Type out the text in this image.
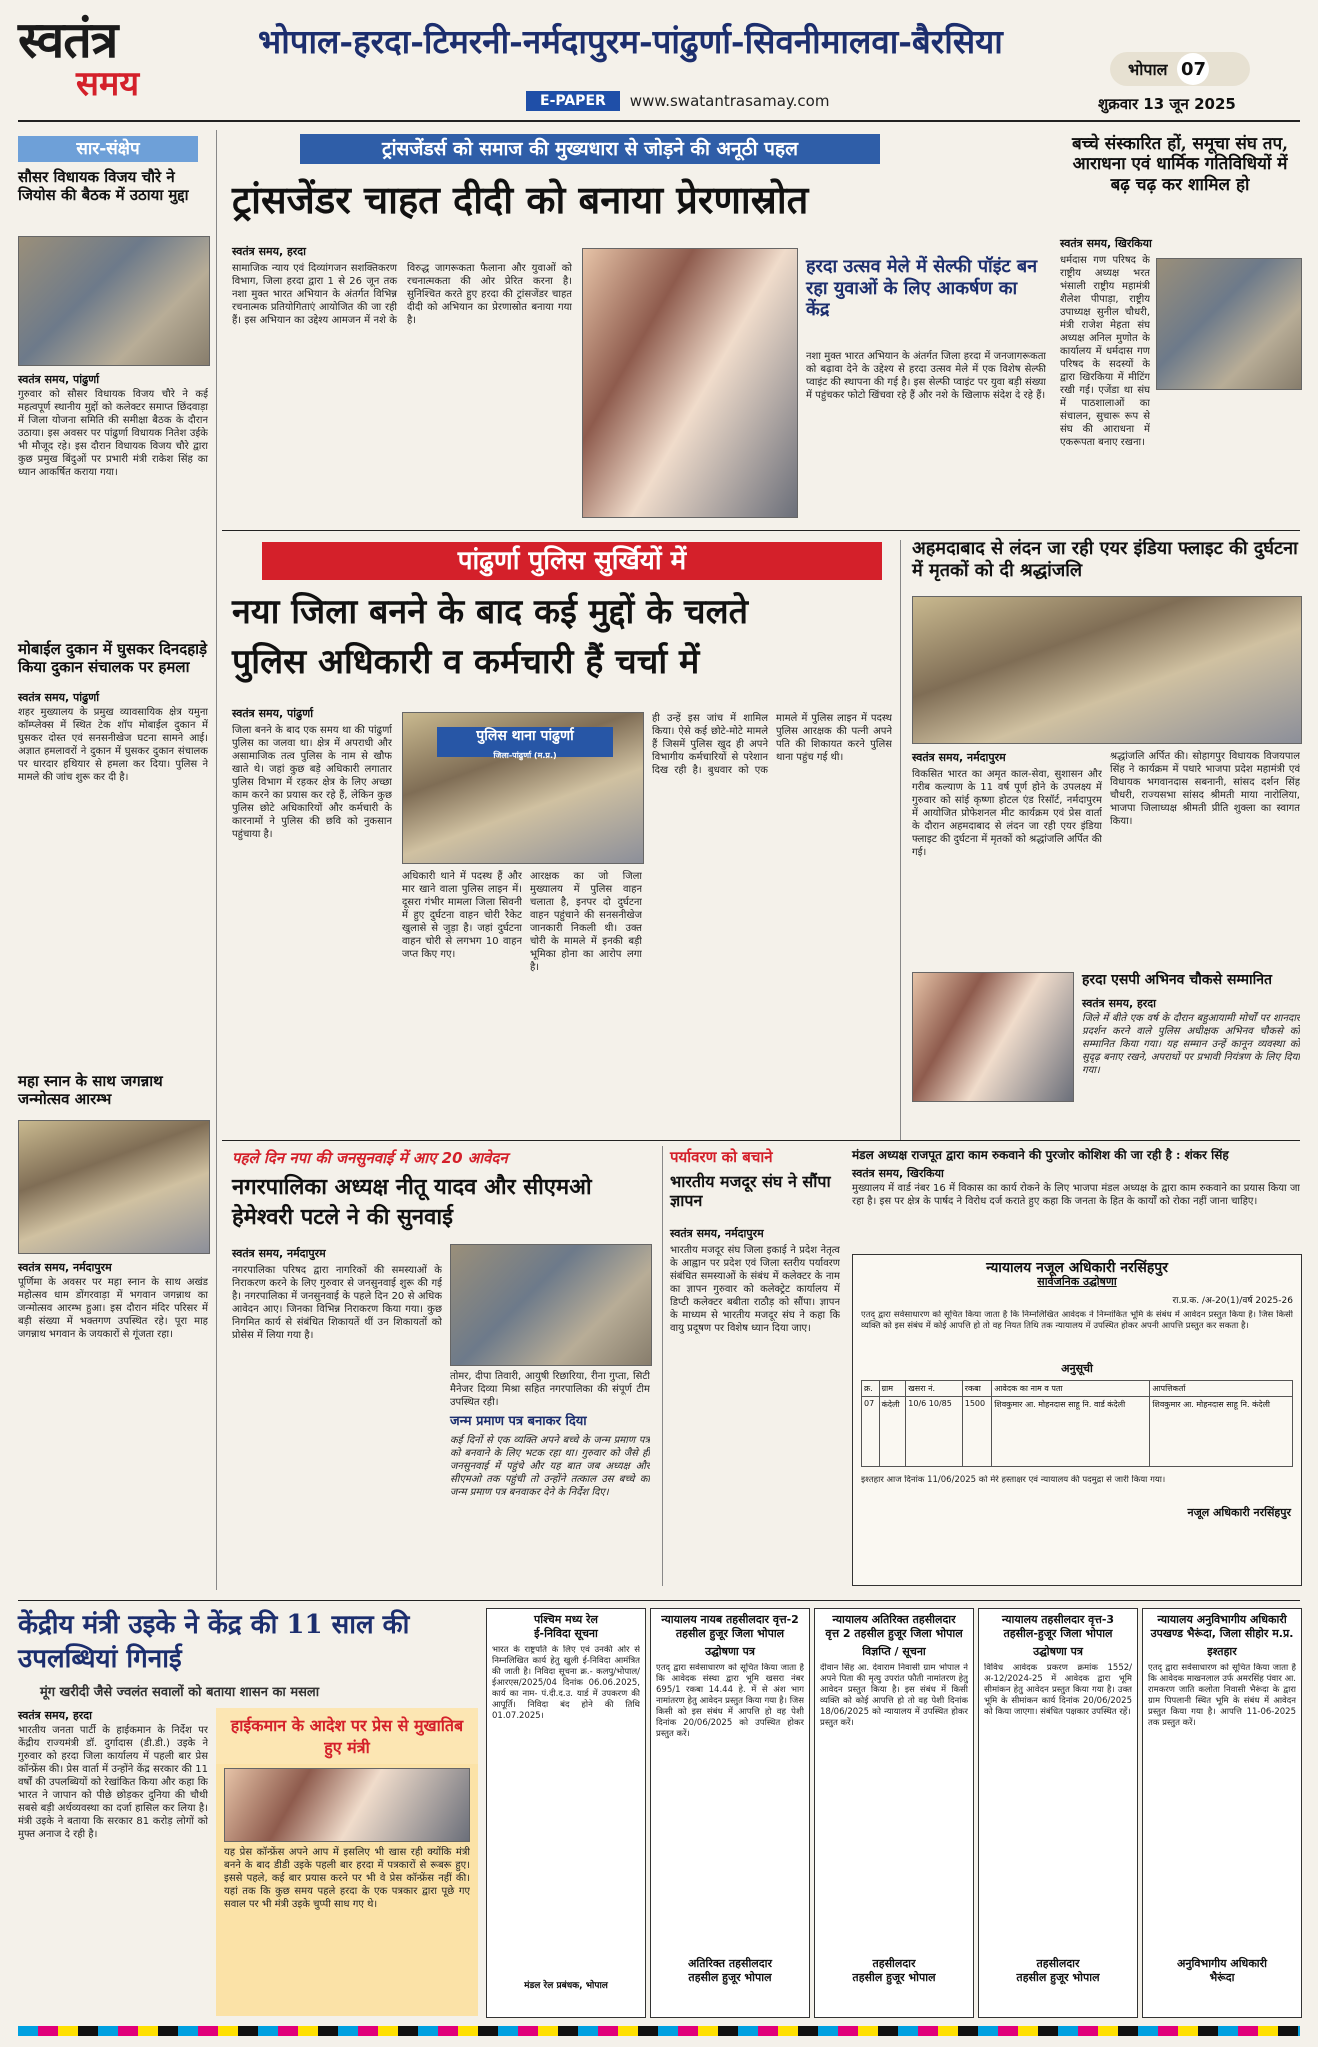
स्वतंत्र
समय
भोपाल-हरदा-टिमरनी-नर्मदापुरम-पांढुर्णा-सिवनीमालवा-बैरसिया
E-PAPER	www.swatantrasamay.com
भोपाल 07
शुक्रवार 13 जून 2025
सार-संक्षेप
सौसर विधायक विजय चौरे ने जियोस की बैठक में उठाया मुद्दा
स्वतंत्र समय, पांढुर्णा
गुरुवार को सौसर विधायक विजय चौरे ने कई महत्वपूर्ण स्थानीय मुद्दों को कलेक्टर समाप्त छिंदवाड़ा में जिला योजना समिति की समीक्षा बैठक के दौरान उठाया। इस अवसर पर पांढुर्णा विधायक नितेश उईके भी मौजूद रहे। इस दौरान विधायक विजय चौरे द्वारा कुछ प्रमुख बिंदुओं पर प्रभारी मंत्री राकेश सिंह का ध्यान आकर्षित कराया गया।
मोबाईल दुकान में घुसकर दिनदहाड़े किया दुकान संचालक पर हमला
स्वतंत्र समय, पांढुर्णा
शहर मुख्यालय के प्रमुख व्यावसायिक क्षेत्र यमुना कॉम्प्लेक्स में स्थित टेक शॉप मोबाईल दुकान में घुसकर दोस्त एवं सनसनीखेज घटना सामने आई। अज्ञात हमलावरों ने दुकान में घुसकर दुकान संचालक पर धारदार हथियार से हमला कर दिया। पुलिस ने मामले की जांच शुरू कर दी है।
महा स्नान के साथ जगन्नाथ जन्मोत्सव आरम्भ
स्वतंत्र समय, नर्मदापुरम
पूर्णिमा के अवसर पर महा स्नान के साथ अखंड महोत्सव धाम डोंगरवाड़ा में भगवान जगन्नाथ का जन्मोत्सव आरम्भ हुआ। इस दौरान मंदिर परिसर में बड़ी संख्या में भक्तगण उपस्थित रहे। पूरा माह जगन्नाथ भगवान के जयकारों से गूंजता रहा।
ट्रांसजेंडर्स को समाज की मुख्यधारा से जोड़ने की अनूठी पहल
ट्रांसजेंडर चाहत दीदी को बनाया प्रेरणास्रोत
स्वतंत्र समय, हरदा
सामाजिक न्याय एवं दिव्यांगजन सशक्तिकरण विभाग, जिला हरदा द्वारा 1 से 26 जून तक नशा मुक्त भारत अभियान के अंतर्गत विभिन्न रचनात्मक प्रतियोगिताएं आयोजित की जा रही हैं। इस अभियान का उद्देश्य आमजन में नशे के विरुद्ध जागरूकता फैलाना और युवाओं को रचनात्मकता की ओर प्रेरित करना है। सुनिश्चित करते हुए हरदा की ट्रांसजेंडर चाहत दीदी को अभियान का प्रेरणास्रोत बनाया गया है।
हरदा उत्सव मेले में सेल्फी पॉइंट बन रहा युवाओं के लिए आकर्षण का केंद्र
नशा मुक्त भारत अभियान के अंतर्गत जिला हरदा में जनजागरूकता को बढ़ावा देने के उद्देश्य से हरदा उत्सव मेले में एक विशेष सेल्फी प्वाइंट की स्थापना की गई है। इस सेल्फी प्वाइंट पर युवा बड़ी संख्या में पहुंचकर फोटो खिंचवा रहे हैं और नशे के खिलाफ संदेश दे रहे हैं।
बच्चे संस्कारित हों, समूचा संघ तप, आराधना एवं धार्मिक गतिविधियों में बढ़ चढ़ कर शामिल हो
स्वतंत्र समय, खिरकिया
धर्मदास गण परिषद के राष्ट्रीय अध्यक्ष भरत भंसाली राष्ट्रीय महामंत्री शैलेश पीपाड़ा, राष्ट्रीय उपाध्यक्ष सुनील चौधरी, मंत्री राजेश मेहता संघ अध्यक्ष अनिल मुणोत के कार्यालय में धर्मदास गण परिषद के सदस्यों के द्वारा खिरकिया में मीटिंग रखी गई। एजेंडा था संघ में पाठशालाओं का संचालन, सुचारू रूप से संघ की आराधना में एकरूपता बनाए रखना।
पांढुर्णा पुलिस सुर्खियों में
नया जिला बनने के बाद कई मुद्दों के चलते
पुलिस अधिकारी व कर्मचारी हैं चर्चा में
स्वतंत्र समय, पांढुर्णा
पुलिस थाना पांढुर्णा
जिला-पांढुर्णा (म.प्र.)
जिला बनने के बाद एक समय था की पांढुर्णा पुलिस का जलवा था। क्षेत्र में अपराधी और असामाजिक तत्व पुलिस के नाम से खौफ खाते थे। जहां कुछ बड़े अधिकारी लगातार पुलिस विभाग में रहकर क्षेत्र के लिए अच्छा काम करने का प्रयास कर रहे हैं, लेकिन कुछ पुलिस छोटे अधिकारियों और कर्मचारी के कारनामों ने पुलिस की छवि को नुकसान पहुंचाया है।
अधिकारी थाने में पदस्थ हैं और मार खाने वाला पुलिस लाइन में। दूसरा गंभीर मामला जिला सिवनी में हुए दुर्घटना वाहन चोरी रैकेट खुलासे से जुड़ा है। जहां दुर्घटना वाहन चोरी से लगभग 10 वाहन जप्त किए गए।
आरक्षक का जो जिला मुख्यालय में पुलिस वाहन चलाता है, इनपर दो दुर्घटना वाहन पहुंचाने की सनसनीखेज जानकारी निकली थी। उक्त चोरी के मामले में इनकी बड़ी भूमिका होना का आरोप लगा है।
ही उन्हें इस जांच में शामिल किया। ऐसे कई छोटे-मोटे मामले हैं जिसमें पुलिस खुद ही अपने विभागीय कर्मचारियों से परेशान दिख रही है। बुधवार को एक मामले में पुलिस लाइन में पदस्थ पुलिस आरक्षक की पत्नी अपने पति की शिकायत करने पुलिस थाना पहुंच गई थी।
अहमदाबाद से लंदन जा रही एयर इंडिया फ्लाइट की दुर्घटना में मृतकों को दी श्रद्धांजलि
स्वतंत्र समय, नर्मदापुरम
विकसित भारत का अमृत काल-सेवा, सुशासन और गरीब कल्याण के 11 वर्ष पूर्ण होने के उपलक्ष्य में गुरुवार को सांई कृष्णा होटल एंड रिसॉर्ट, नर्मदापुरम में आयोजित प्रोफेशनल मीट कार्यक्रम एवं प्रेस वार्ता के दौरान अहमदाबाद से लंदन जा रही एयर इंडिया फ्लाइट की दुर्घटना में मृतकों को श्रद्धांजलि अर्पित की गई।
श्रद्धांजलि अर्पित की। सोहागपुर विधायक विजयपाल सिंह ने कार्यक्रम में पधारे भाजपा प्रदेश महामंत्री एवं विधायक भगवानदास सबनानी, सांसद दर्शन सिंह चौधरी, राज्यसभा सांसद श्रीमती माया नारोलिया, भाजपा जिलाध्यक्ष श्रीमती प्रीति शुक्ला का स्वागत किया।
हरदा एसपी अभिनव चौकसे सम्मानित
स्वतंत्र समय, हरदा
जिले में बीते एक वर्ष के दौरान बहुआयामी मोर्चों पर शानदार प्रदर्शन करने वाले पुलिस अधीक्षक अभिनव चौकसे को सम्मानित किया गया। यह सम्मान उन्हें कानून व्यवस्था को सुदृढ़ बनाए रखने, अपराधों पर प्रभावी नियंत्रण के लिए दिया गया।
पहले दिन नपा की जनसुनवाई में आए 20 आवेदन
नगरपालिका अध्यक्ष नीतू यादव और सीएमओ हेमेश्वरी पटले ने की सुनवाई
स्वतंत्र समय, नर्मदापुरम
नगरपालिका परिषद द्वारा नागरिकों की समस्याओं के निराकरण करने के लिए गुरुवार से जनसुनवाई शुरू की गई है। नगरपालिका में जनसुनवाई के पहले दिन 20 से अधिक आवेदन आए। जिनका विभिन्न निराकरण किया गया। कुछ निगमित कार्य से संबंधित शिकायतें थीं उन शिकायतों को प्रोसेस में लिया गया है।
तोमर, दीपा तिवारी, आयुषी रिछारिया, रीना गुप्ता, सिटी मैनेजर दिव्या मिश्रा सहित नगरपालिका की संपूर्ण टीम उपस्थित रही।
जन्म प्रमाण पत्र बनाकर दिया
कई दिनों से एक व्यक्ति अपने बच्चे के जन्म प्रमाण पत्र को बनवाने के लिए भटक रहा था। गुरुवार को जैसे ही जनसुनवाई में पहुंचे और यह बात जब अध्यक्ष और सीएमओ तक पहुंची तो उन्होंने तत्काल उस बच्चे का जन्म प्रमाण पत्र बनवाकर देने के निर्देश दिए।
पर्यावरण को बचाने
भारतीय मजदूर संघ ने सौंपा ज्ञापन
स्वतंत्र समय, नर्मदापुरम
भारतीय मजदूर संघ जिला इकाई ने प्रदेश नेतृत्व के आह्वान पर प्रदेश एवं जिला स्तरीय पर्यावरण संबंधित समस्याओं के संबंध में कलेक्टर के नाम का ज्ञापन गुरुवार को कलेक्ट्रेट कार्यालय में डिप्टी कलेक्टर बबीता राठौड़ को सौंपा। ज्ञापन के माध्यम से भारतीय मजदूर संघ ने कहा कि वायु प्रदूषण पर विशेष ध्यान दिया जाए।
मंडल अध्यक्ष राजपूत द्वारा काम रुकवाने की पुरजोर कोशिश की जा रही है : शंकर सिंह
स्वतंत्र समय, खिरकिया
मुख्यालय में वार्ड नंबर 16 में विकास का कार्य रोकने के लिए भाजपा मंडल अध्यक्ष के द्वारा काम रुकवाने का प्रयास किया जा रहा है। इस पर क्षेत्र के पार्षद ने विरोध दर्ज कराते हुए कहा कि जनता के हित के कार्यों को रोका नहीं जाना चाहिए।
न्यायालय नजूल अधिकारी नरसिंहपुर
सार्वजनिक उद्घोषणा
रा.प्र.क. /अ-20(1)/वर्ष 2025-26
एतद् द्वारा सर्वसाधारण को सूचित किया जाता है कि निम्नलिखित आवेदक ने निम्नांकित भूमि के संबंध में आवेदन प्रस्तुत किया है। जिस किसी व्यक्ति को इस संबंध में कोई आपत्ति हो तो वह नियत तिथि तक न्यायालय में उपस्थित होकर अपनी आपत्ति प्रस्तुत कर सकता है।
अनुसूची
क्र.	ग्राम	खसरा नं.	रकबा	आवेदक का नाम व पता	आपत्तिकर्ता
07	कंदेली	10/6 10/85	1500	शिवकुमार आ. मोहनदास साहू नि. वार्ड कंदेली	शिवकुमार आ. मोहनदास साहू नि. कंदेली
इश्तहार आज दिनांक 11/06/2025 को मेरे हस्ताक्षर एवं न्यायालय की पदमुद्रा से जारी किया गया।
नजूल अधिकारी नरसिंहपुर
केंद्रीय मंत्री उइके ने केंद्र की 11 साल की उपलब्धियां गिनाई
मूंग खरीदी जैसे ज्वलंत सवालों को बताया शासन का मसला
स्वतंत्र समय, हरदा
भारतीय जनता पार्टी के हाईकमान के निर्देश पर केंद्रीय राज्यमंत्री डॉ. दुर्गादास (डी.डी.) उइके ने गुरुवार को हरदा जिला कार्यालय में पहली बार प्रेस कॉन्फ्रेंस की। प्रेस वार्ता में उन्होंने केंद्र सरकार की 11 वर्षों की उपलब्धियों को रेखांकित किया और कहा कि भारत ने जापान को पीछे छोड़कर दुनिया की चौथी सबसे बड़ी अर्थव्यवस्था का दर्जा हासिल कर लिया है। मंत्री उइके ने बताया कि सरकार 81 करोड़ लोगों को मुफ्त अनाज दे रही है।
हाईकमान के आदेश पर प्रेस से मुखातिब हुए मंत्री
यह प्रेस कॉन्फ्रेंस अपने आप में इसलिए भी खास रही क्योंकि मंत्री बनने के बाद डीडी उइके पहली बार हरदा में पत्रकारों से रूबरू हुए। इससे पहले, कई बार प्रयास करने पर भी वे प्रेस कॉन्फ्रेंस नहीं की। यहां तक कि कुछ समय पहले हरदा के एक पत्रकार द्वारा पूछे गए सवाल पर भी मंत्री उइके चुप्पी साध गए थे।
पश्चिम मध्य रेल
ई-निविदा सूचना
भारत के राष्ट्रपति के लिए एवं उनकी ओर से निम्नलिखित कार्य हेतु खुली ई-निविदा आमंत्रित की जाती है। निविदा सूचना क्र.- कलपु/भोपाल/ईआरएस/2025/04 दिनांक 06.06.2025, कार्य का नाम- पं.दी.द.उ. यार्ड में उपकरण की आपूर्ति। निविदा बंद होने की तिथि 01.07.2025।
मंडल रेल प्रबंधक, भोपाल
न्यायालय नायब तहसीलदार वृत्त-2
तहसील हुजूर जिला भोपाल
उद्घोषणा पत्र
एतद् द्वारा सर्वसाधारण को सूचित किया जाता है कि आवेदक संस्था द्वारा भूमि खसरा नंबर 695/1 रकबा 14.44 हे. में से अंश भाग नामांतरण हेतु आवेदन प्रस्तुत किया गया है। जिस किसी को इस संबंध में आपत्ति हो वह पेशी दिनांक 20/06/2025 को उपस्थित होकर प्रस्तुत करें।
अतिरिक्त तहसीलदार
तहसील हुजूर भोपाल
न्यायालय अतिरिक्त तहसीलदार
वृत्त 2 तहसील हुजूर जिला भोपाल
विज्ञप्ति / सूचना
दीवान सिंह आ. देवाराम निवासी ग्राम भोपाल ने अपने पिता की मृत्यु उपरांत फौती नामांतरण हेतु आवेदन प्रस्तुत किया है। इस संबंध में किसी व्यक्ति को कोई आपत्ति हो तो वह पेशी दिनांक 18/06/2025 को न्यायालय में उपस्थित होकर प्रस्तुत करें।
तहसीलदार
तहसील हुजूर भोपाल
न्यायालय तहसीलदार वृत्त-3
तहसील-हुजूर जिला भोपाल
उद्घोषणा पत्र
विविध आवेदक प्रकरण क्रमांक 1552/अ-12/2024-25 में आवेदक द्वारा भूमि सीमांकन हेतु आवेदन प्रस्तुत किया गया है। उक्त भूमि के सीमांकन कार्य दिनांक 20/06/2025 को किया जाएगा। संबंधित पक्षकार उपस्थित रहें।
तहसीलदार
तहसील हुजूर भोपाल
न्यायालय अनुविभागीय अधिकारी
उपखण्ड भैरूंदा, जिला सीहोर म.प्र.
इश्तहार
एतद् द्वारा सर्वसाधारण को सूचित किया जाता है कि आवेदक माखनलाल उर्फ अमरसिंह पंवार आ. रामकरण जाति कलोता निवासी भैरूंदा के द्वारा ग्राम पिपलानी स्थित भूमि के संबंध में आवेदन प्रस्तुत किया गया है। आपत्ति 11-06-2025 तक प्रस्तुत करें।
अनुविभागीय अधिकारी
भैरूंदा
